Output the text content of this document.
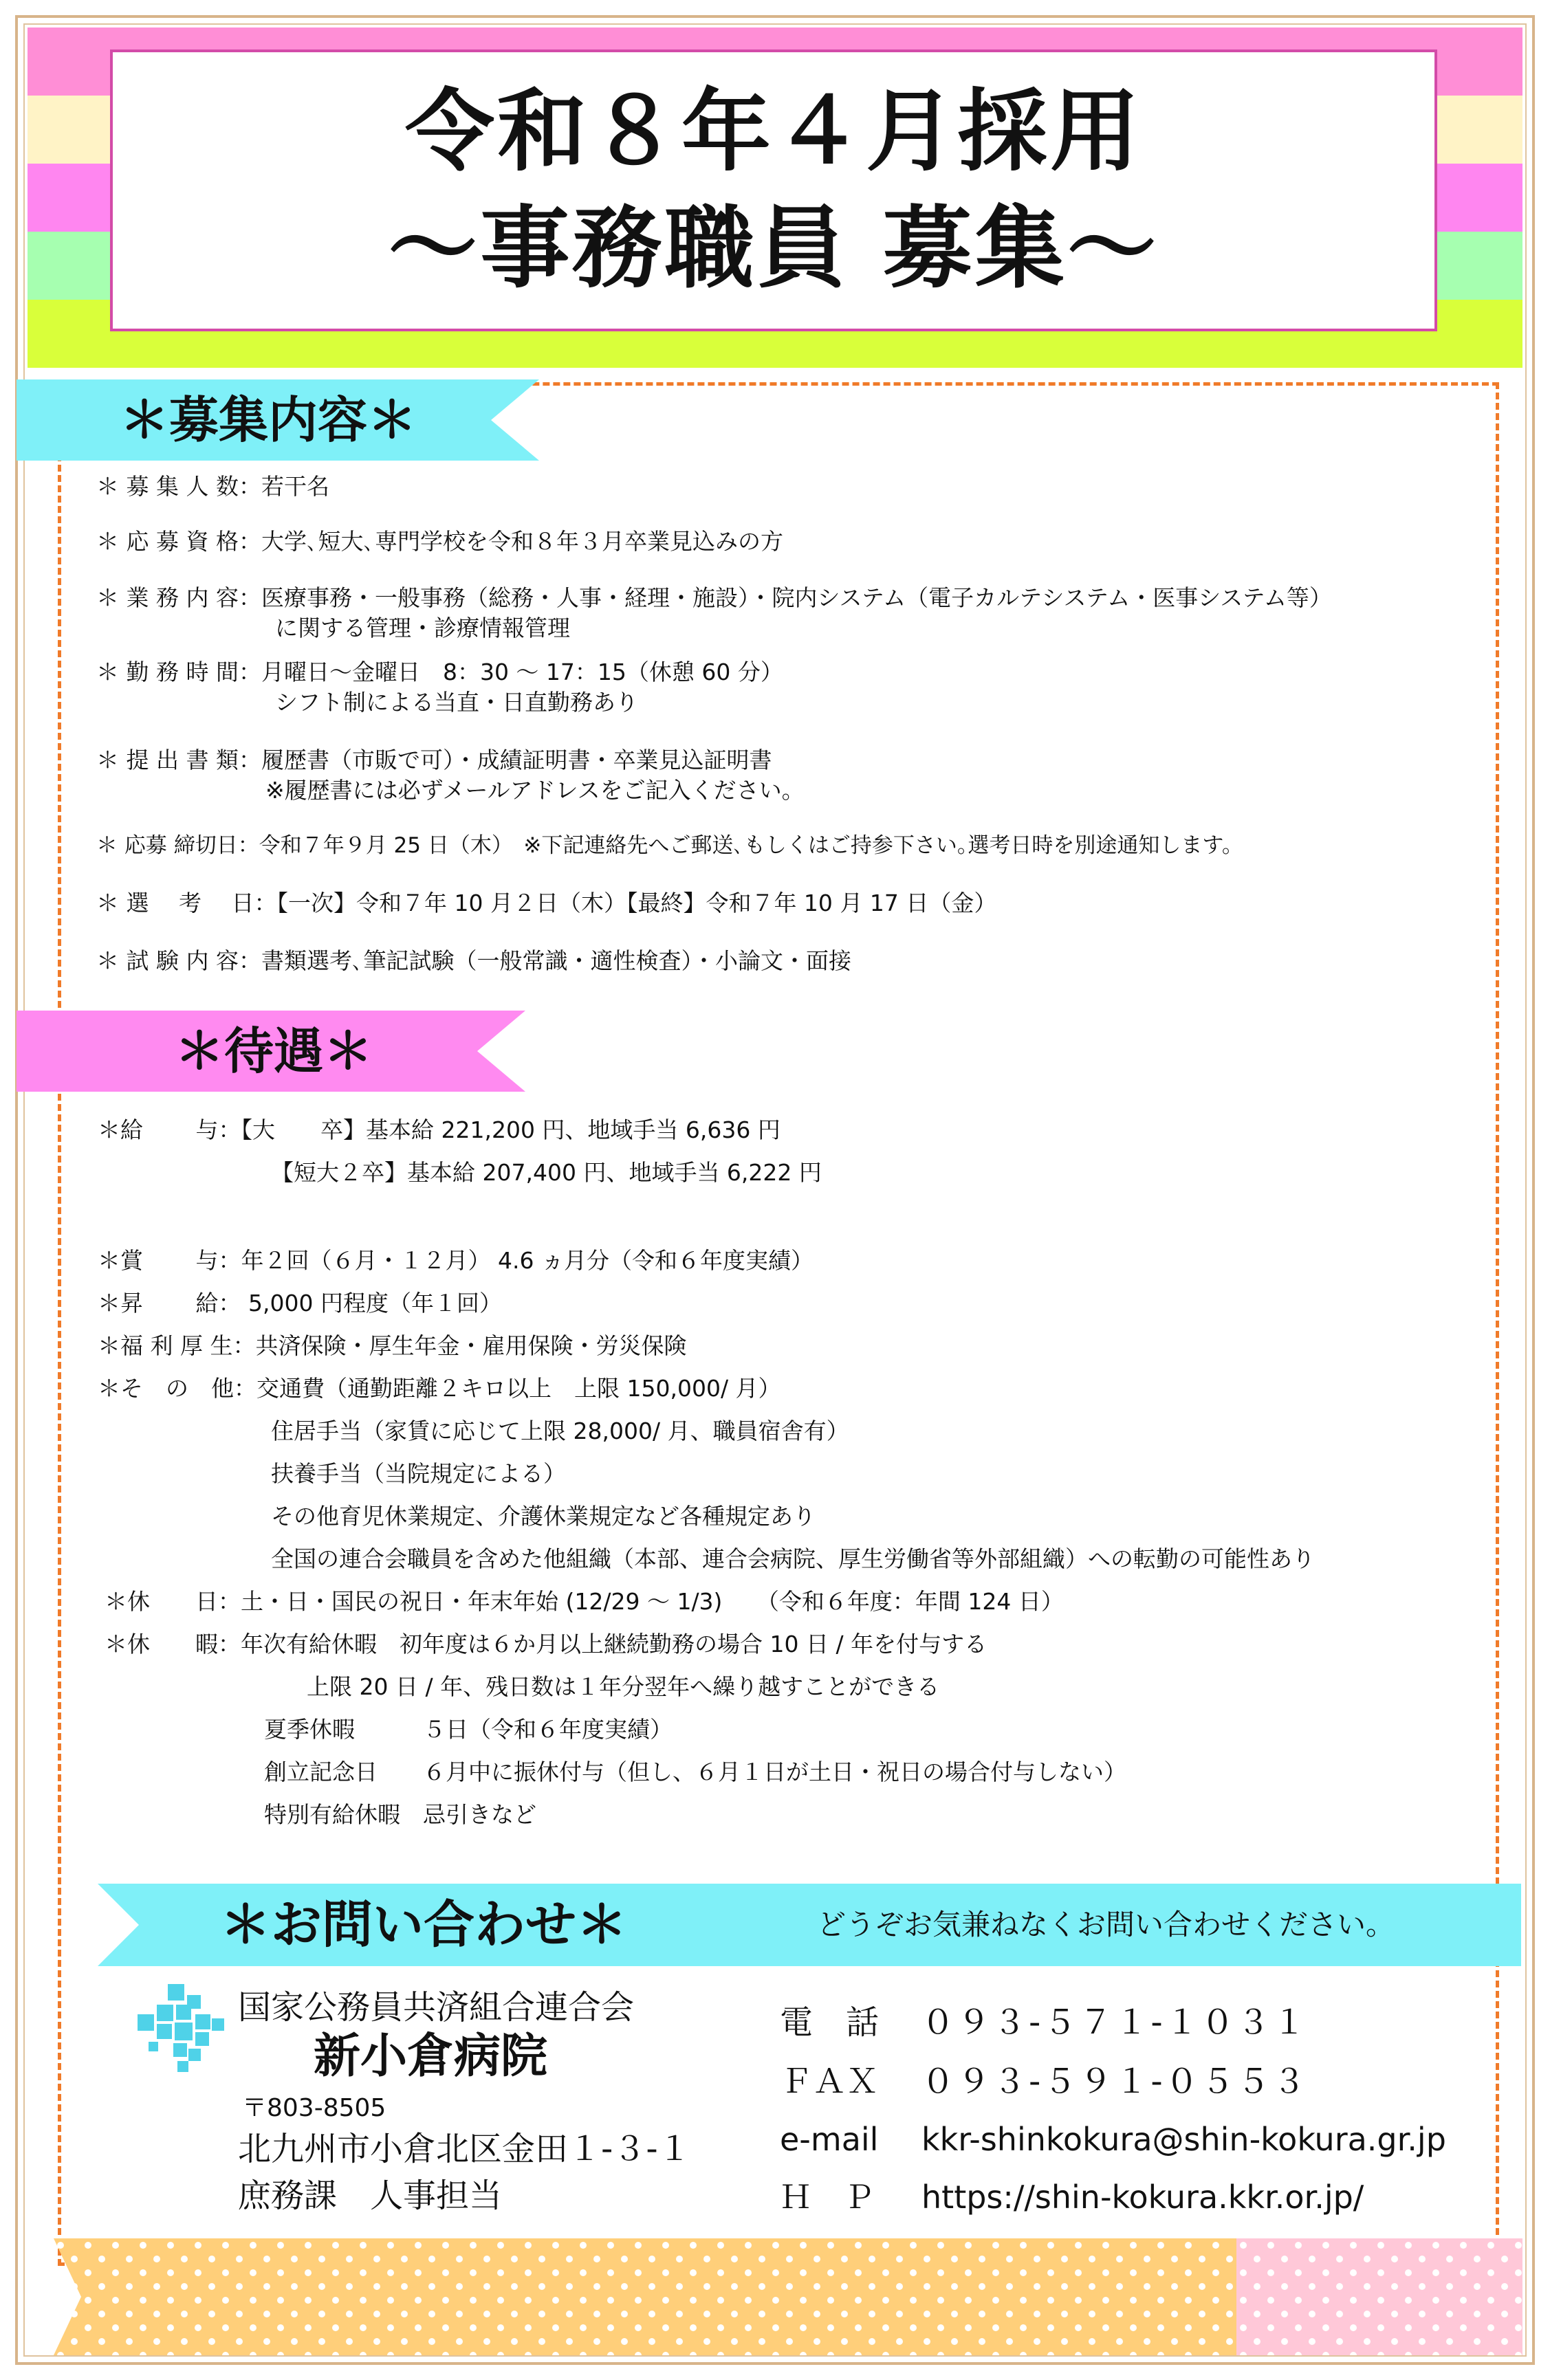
令和８年４月採用
～事務職員 募集～
＊募集内容＊
＊ 募 集 人 数：若干名
＊ 応 募 資 格：大学､短大､専門学校を令和８年３月卒業見込みの方
＊ 業 務 内 容：医療事務・一般事務（総務・人事・経理・施設）・院内システム（電子カルテシステム・医事システム等）
に関する管理・診療情報管理
＊ 勤 務 時 間：月曜日～金曜日　8：30 ～ 17：15（休憩 60 分）
シフト制による当直・日直勤務あり
＊ 提 出 書 類：履歴書（市販で可）・成績証明書・卒業見込証明書
※履歴書には必ずメールアドレスをご記入ください。
＊ 応募 締切日：令和７年９月 25 日（木）　※下記連絡先へご郵送､もしくはご持参下さい｡選考日時を別途通知します。
＊ 選　 考　 日：【一次】令和７年 10 月２日（木）【最終】令和７年 10 月 17 日（金）
＊ 試 験 内 容：書類選考､筆記試験（一般常識・適性検査）・小論文・面接
＊待遇＊
＊給　　 与：【大　　卒】基本給 221,200 円、地域手当 6,636 円
【短大２卒】基本給 207,400 円、地域手当 6,222 円
＊賞　　 与：年２回（６月・１２月） 4.6 ヵ月分（令和６年度実績）
＊昇　　 給： 5,000 円程度（年１回）
＊福 利 厚 生：共済保険・厚生年金・雇用保険・労災保険
＊そ　の　他：交通費（通勤距離２キロ以上　上限 150,000/ 月）
住居手当（家賃に応じて上限 28,000/ 月、職員宿舎有）
扶養手当（当院規定による）
その他育児休業規定、介護休業規定など各種規定あり
全国の連合会職員を含めた他組織（本部、連合会病院、厚生労働省等外部組織）への転勤の可能性あり
＊休　　日：土・日・国民の祝日・年末年始 (12/29 ～ 1/3)　　（令和６年度：年間 124 日）
＊休　　暇：年次有給休暇　初年度は６か月以上継続勤務の場合 10 日 / 年を付与する
上限 20 日 / 年、残日数は１年分翌年へ繰り越すことができる
夏季休暇　　　５日（令和６年度実績）
創立記念日　　６月中に振休付与（但し、６月１日が土日・祝日の場合付与しない）
特別有給休暇　忌引きなど
＊お問い合わせ＊	どうぞお気兼ねなくお問い合わせください。
国家公務員共済組合連合会
新小倉病院
〒803-8505
北九州市小倉北区金田１-３-１
庶務課　人事担当
電　話 ０９３-５７１-１０３１
ＦＡＸ ０９３-５９１-０５５３
e-mail kkr-shinkokura@shin-kokura.gr.jp
Ｈ　Ｐ https://shin-kokura.kkr.or.jp/
